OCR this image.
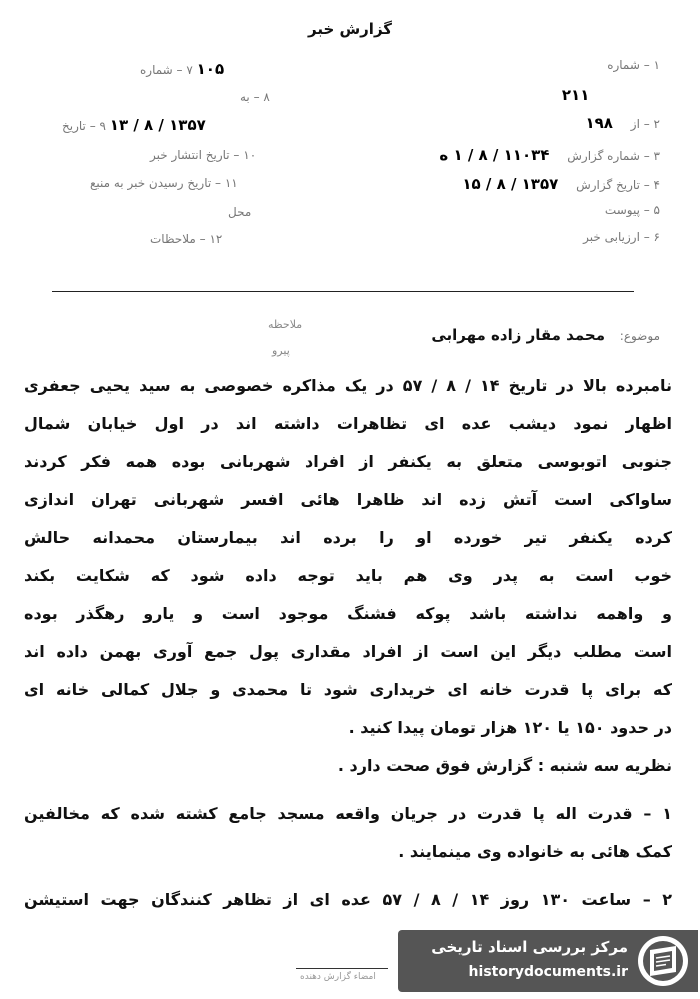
گزارش خبر
۱ – شماره
۲۱۱
۲ – از ۱۹۸
۳ – شماره گزارش ۱۱۰۳۴ / ۸ / ۱ ه
۴ – تاریخ گزارش ۱۳۵۷ / ۸ / ۱۵
۵ – پیوست
۶ – ارزیابی خبر
۱۰۵ ۷ – شماره
۸ – به
۱۳۵۷ / ۸ / ۱۳ ۹ – تاریخ
۱۰ – تاریخ انتشار خبر
۱۱ – تاریخ رسیدن خبر به منبع
محل
۱۲ – ملاحظات
ملاحظه
پیرو
موضوع: محمد مقار زاده مهرابی
نامبرده بالا در تاریخ ۱۴ / ۸ / ۵۷ در یک مذاکره خصوصی به سید یحیی جعفری
اظهار نمود دیشب عده ای تظاهرات داشته اند در اول خیابان شمال
جنوبی اتوبوسی متعلق به یکنفر از افراد شهربانی بوده همه فکر کردند
ساواکی است آتش زده اند ظاهرا هائی افسر شهربانی تهران اندازی
کرده یکنفر تیر خورده او را برده اند بیمارستان محمدانه حالش
خوب است به پدر وی هم باید توجه داده شود که شکایت بکند
و واهمه نداشته باشد پوکه فشنگ موجود است و یارو رهگذر بوده
است مطلب دیگر این است از افراد مقداری پول جمع آوری بهمن داده اند
که برای پا قدرت خانه ای خریداری شود تا محمدی و جلال کمالی خانه ای
در حدود ۱۵۰ یا ۱۲۰ هزار تومان پیدا کنید .
نظریه سه شنبه : گزارش فوق صحت دارد .
۱ – قدرت اله پا قدرت در جریان واقعه مسجد جامع کشته شده که مخالفین
کمک هائی به خانواده وی مینمایند .
۲ – ساعت ۱۳۰ روز ۱۴ / ۸ / ۵۷ عده ای از تظاهر کنندگان جهت استیشن
امضاء گزارش دهنده
مرکز بررسی اسناد تاریخی
historydocuments.ir
